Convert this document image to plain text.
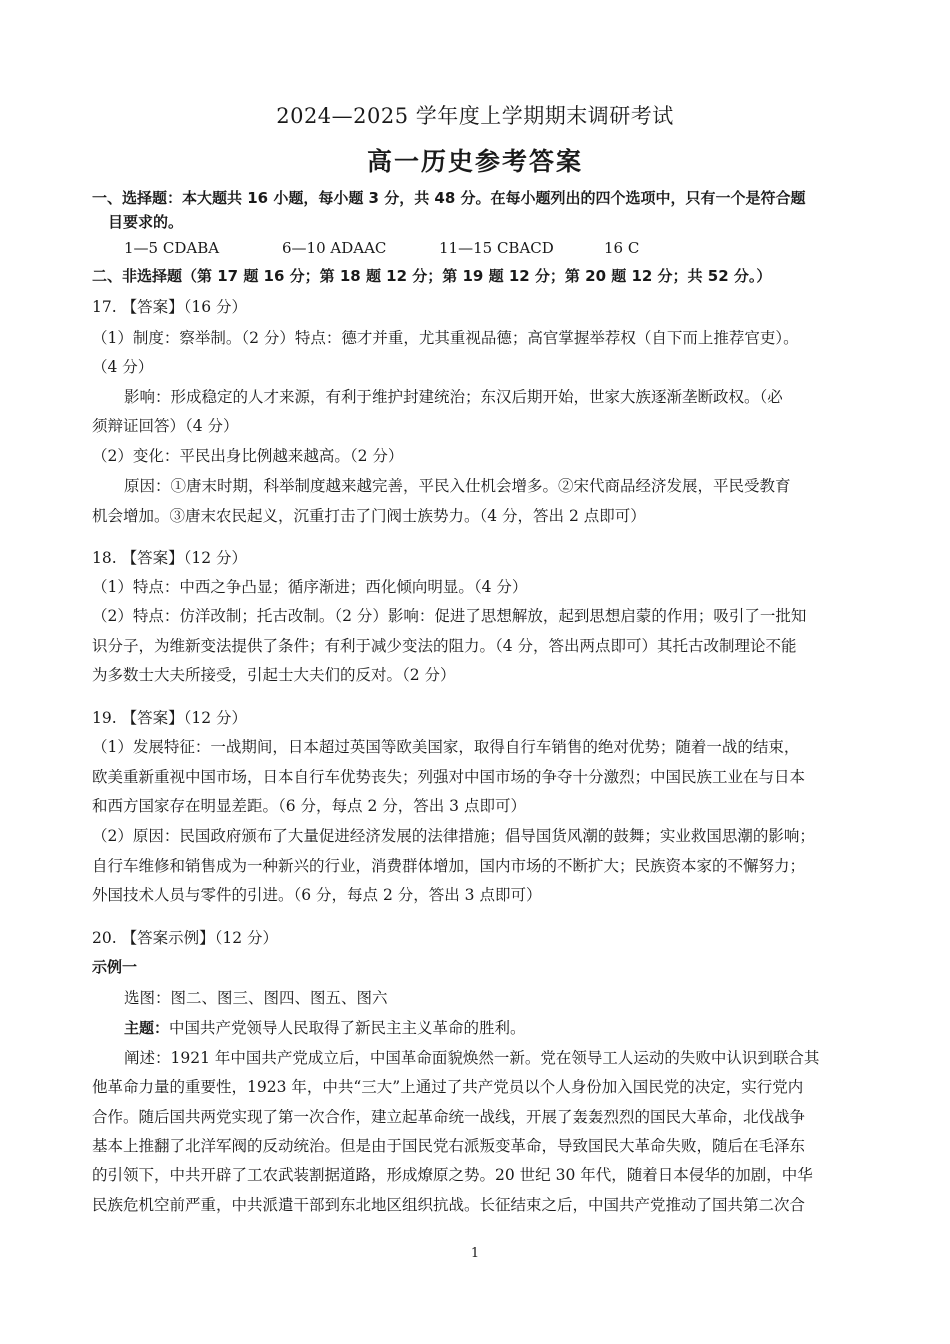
2024—2025 学年度上学期期末调研考试
高一历史参考答案
一、选择题：本大题共 16 小题，每小题 3 分，共 48 分。在每小题列出的四个选项中，只有一个是符合题
目要求的。
1—5 CDABA	6—10 ADAAC	11—15 CBACD	16 C
二、非选择题（第 17 题 16 分；第 18 题 12 分；第 19 题 12 分；第 20 题 12 分；共 52 分。）
17. 【答案】（16 分）
（1）制度：察举制。（2 分）特点：德才并重，尤其重视品德；高官掌握举荐权（自下而上推荐官吏）。
（4 分）
影响：形成稳定的人才来源，有利于维护封建统治；东汉后期开始，世家大族逐渐垄断政权。（必
须辩证回答）（4 分）
（2）变化：平民出身比例越来越高。（2 分）
原因：①唐末时期，科举制度越来越完善，平民入仕机会增多。②宋代商品经济发展，平民受教育
机会增加。③唐末农民起义，沉重打击了门阀士族势力。（4 分，答出 2 点即可）
18. 【答案】（12 分）
（1）特点：中西之争凸显；循序渐进；西化倾向明显。（4 分）
（2）特点：仿洋改制；托古改制。（2 分）影响：促进了思想解放，起到思想启蒙的作用；吸引了一批知
识分子，为维新变法提供了条件；有利于减少变法的阻力。（4 分，答出两点即可）其托古改制理论不能
为多数士大夫所接受，引起士大夫们的反对。（2 分）
19. 【答案】（12 分）
（1）发展特征：一战期间，日本超过英国等欧美国家，取得自行车销售的绝对优势；随着一战的结束，
欧美重新重视中国市场，日本自行车优势丧失；列强对中国市场的争夺十分激烈；中国民族工业在与日本
和西方国家存在明显差距。（6 分，每点 2 分，答出 3 点即可）
（2）原因：民国政府颁布了大量促进经济发展的法律措施；倡导国货风潮的鼓舞；实业救国思潮的影响；
自行车维修和销售成为一种新兴的行业，消费群体增加，国内市场的不断扩大；民族资本家的不懈努力；
外国技术人员与零件的引进。（6 分，每点 2 分，答出 3 点即可）
20. 【答案示例】（12 分）
示例一
选图：图二、图三、图四、图五、图六
主题：中国共产党领导人民取得了新民主主义革命的胜利。
阐述：1921 年中国共产党成立后，中国革命面貌焕然一新。党在领导工人运动的失败中认识到联合其
他革命力量的重要性，1923 年，中共“三大”上通过了共产党员以个人身份加入国民党的决定，实行党内
合作。随后国共两党实现了第一次合作，建立起革命统一战线，开展了轰轰烈烈的国民大革命，北伐战争
基本上推翻了北洋军阀的反动统治。但是由于国民党右派叛变革命，导致国民大革命失败，随后在毛泽东
的引领下，中共开辟了工农武装割据道路，形成燎原之势。20 世纪 30 年代，随着日本侵华的加剧，中华
民族危机空前严重，中共派遣干部到东北地区组织抗战。长征结束之后，中国共产党推动了国共第二次合
1
